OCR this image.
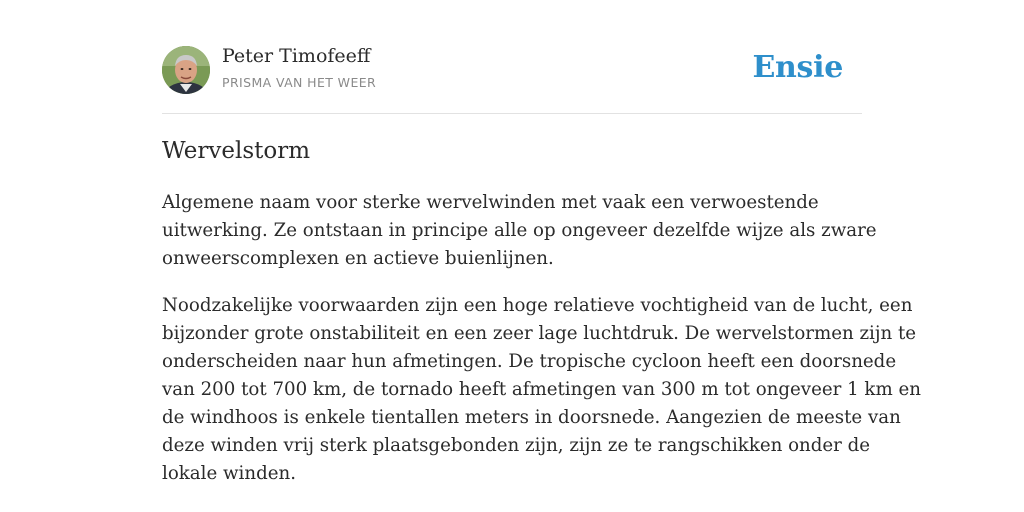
Peter Timofeeff
PRISMA VAN HET WEER	Ensie
Wervelstorm

Algemene naam voor sterke wervelwinden met vaak een verwoestende
uitwerking. Ze ontstaan in principe alle op ongeveer dezelfde wijze als zware
onweerscomplexen en actieve buienlijnen.

Noodzakelijke voorwaarden zijn een hoge relatieve vochtigheid van de lucht, een
bijzonder grote onstabiliteit en een zeer lage luchtdruk. De wervelstormen zijn te
onderscheiden naar hun afmetingen. De tropische cycloon heeft een doorsnede
van 200 tot 700 km, de tornado heeft afmetingen van 300 m tot ongeveer 1 km en
de windhoos is enkele tientallen meters in doorsnede. Aangezien de meeste van
deze winden vrij sterk plaatsgebonden zijn, zijn ze te rangschikken onder de
lokale winden.
